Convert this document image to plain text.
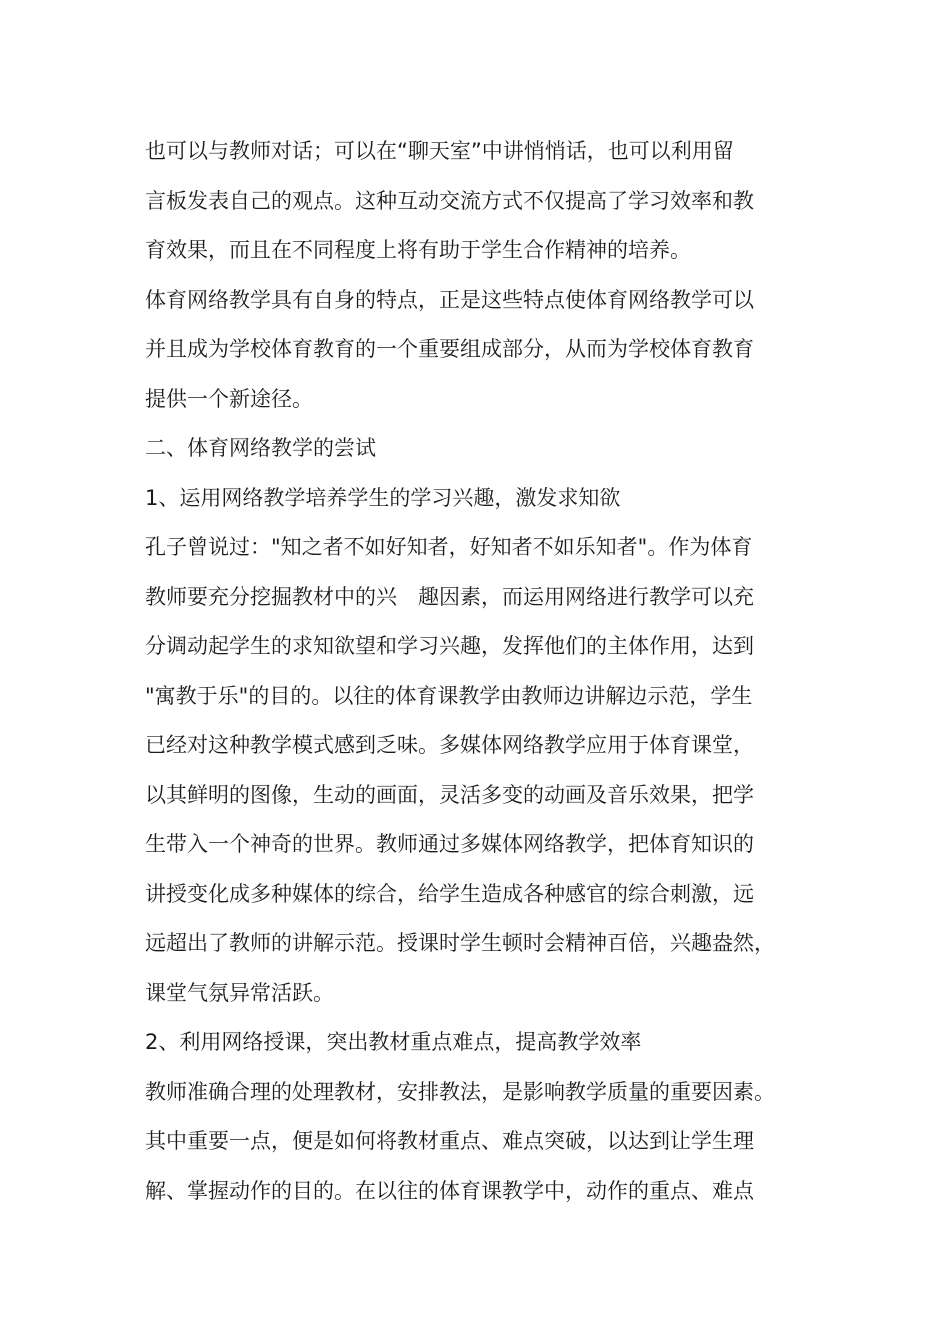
也可以与教师对话；可以在“聊天室”中讲悄悄话，也可以利用留

言板发表自己的观点。这种互动交流方式不仅提高了学习效率和教

育效果，而且在不同程度上将有助于学生合作精神的培养。

体育网络教学具有自身的特点，正是这些特点使体育网络教学可以

并且成为学校体育教育的一个重要组成部分，从而为学校体育教育

提供一个新途径。

二、体育网络教学的尝试

1、运用网络教学培养学生的学习兴趣，激发求知欲

孔子曾说过："知之者不如好知者，好知者不如乐知者"。作为体育

教师要充分挖掘教材中的兴　趣因素，而运用网络进行教学可以充

分调动起学生的求知欲望和学习兴趣，发挥他们的主体作用，达到

"寓教于乐"的目的。以往的体育课教学由教师边讲解边示范，学生

已经对这种教学模式感到乏味。多媒体网络教学应用于体育课堂，

以其鲜明的图像，生动的画面，灵活多变的动画及音乐效果，把学

生带入一个神奇的世界。教师通过多媒体网络教学，把体育知识的

讲授变化成多种媒体的综合，给学生造成各种感官的综合刺激，远

远超出了教师的讲解示范。授课时学生顿时会精神百倍，兴趣盎然，

课堂气氛异常活跃。

2、利用网络授课，突出教材重点难点，提高教学效率

教师准确合理的处理教材，安排教法，是影响教学质量的重要因素。

其中重要一点，便是如何将教材重点、难点突破，以达到让学生理

解、掌握动作的目的。在以往的体育课教学中，动作的重点、难点
